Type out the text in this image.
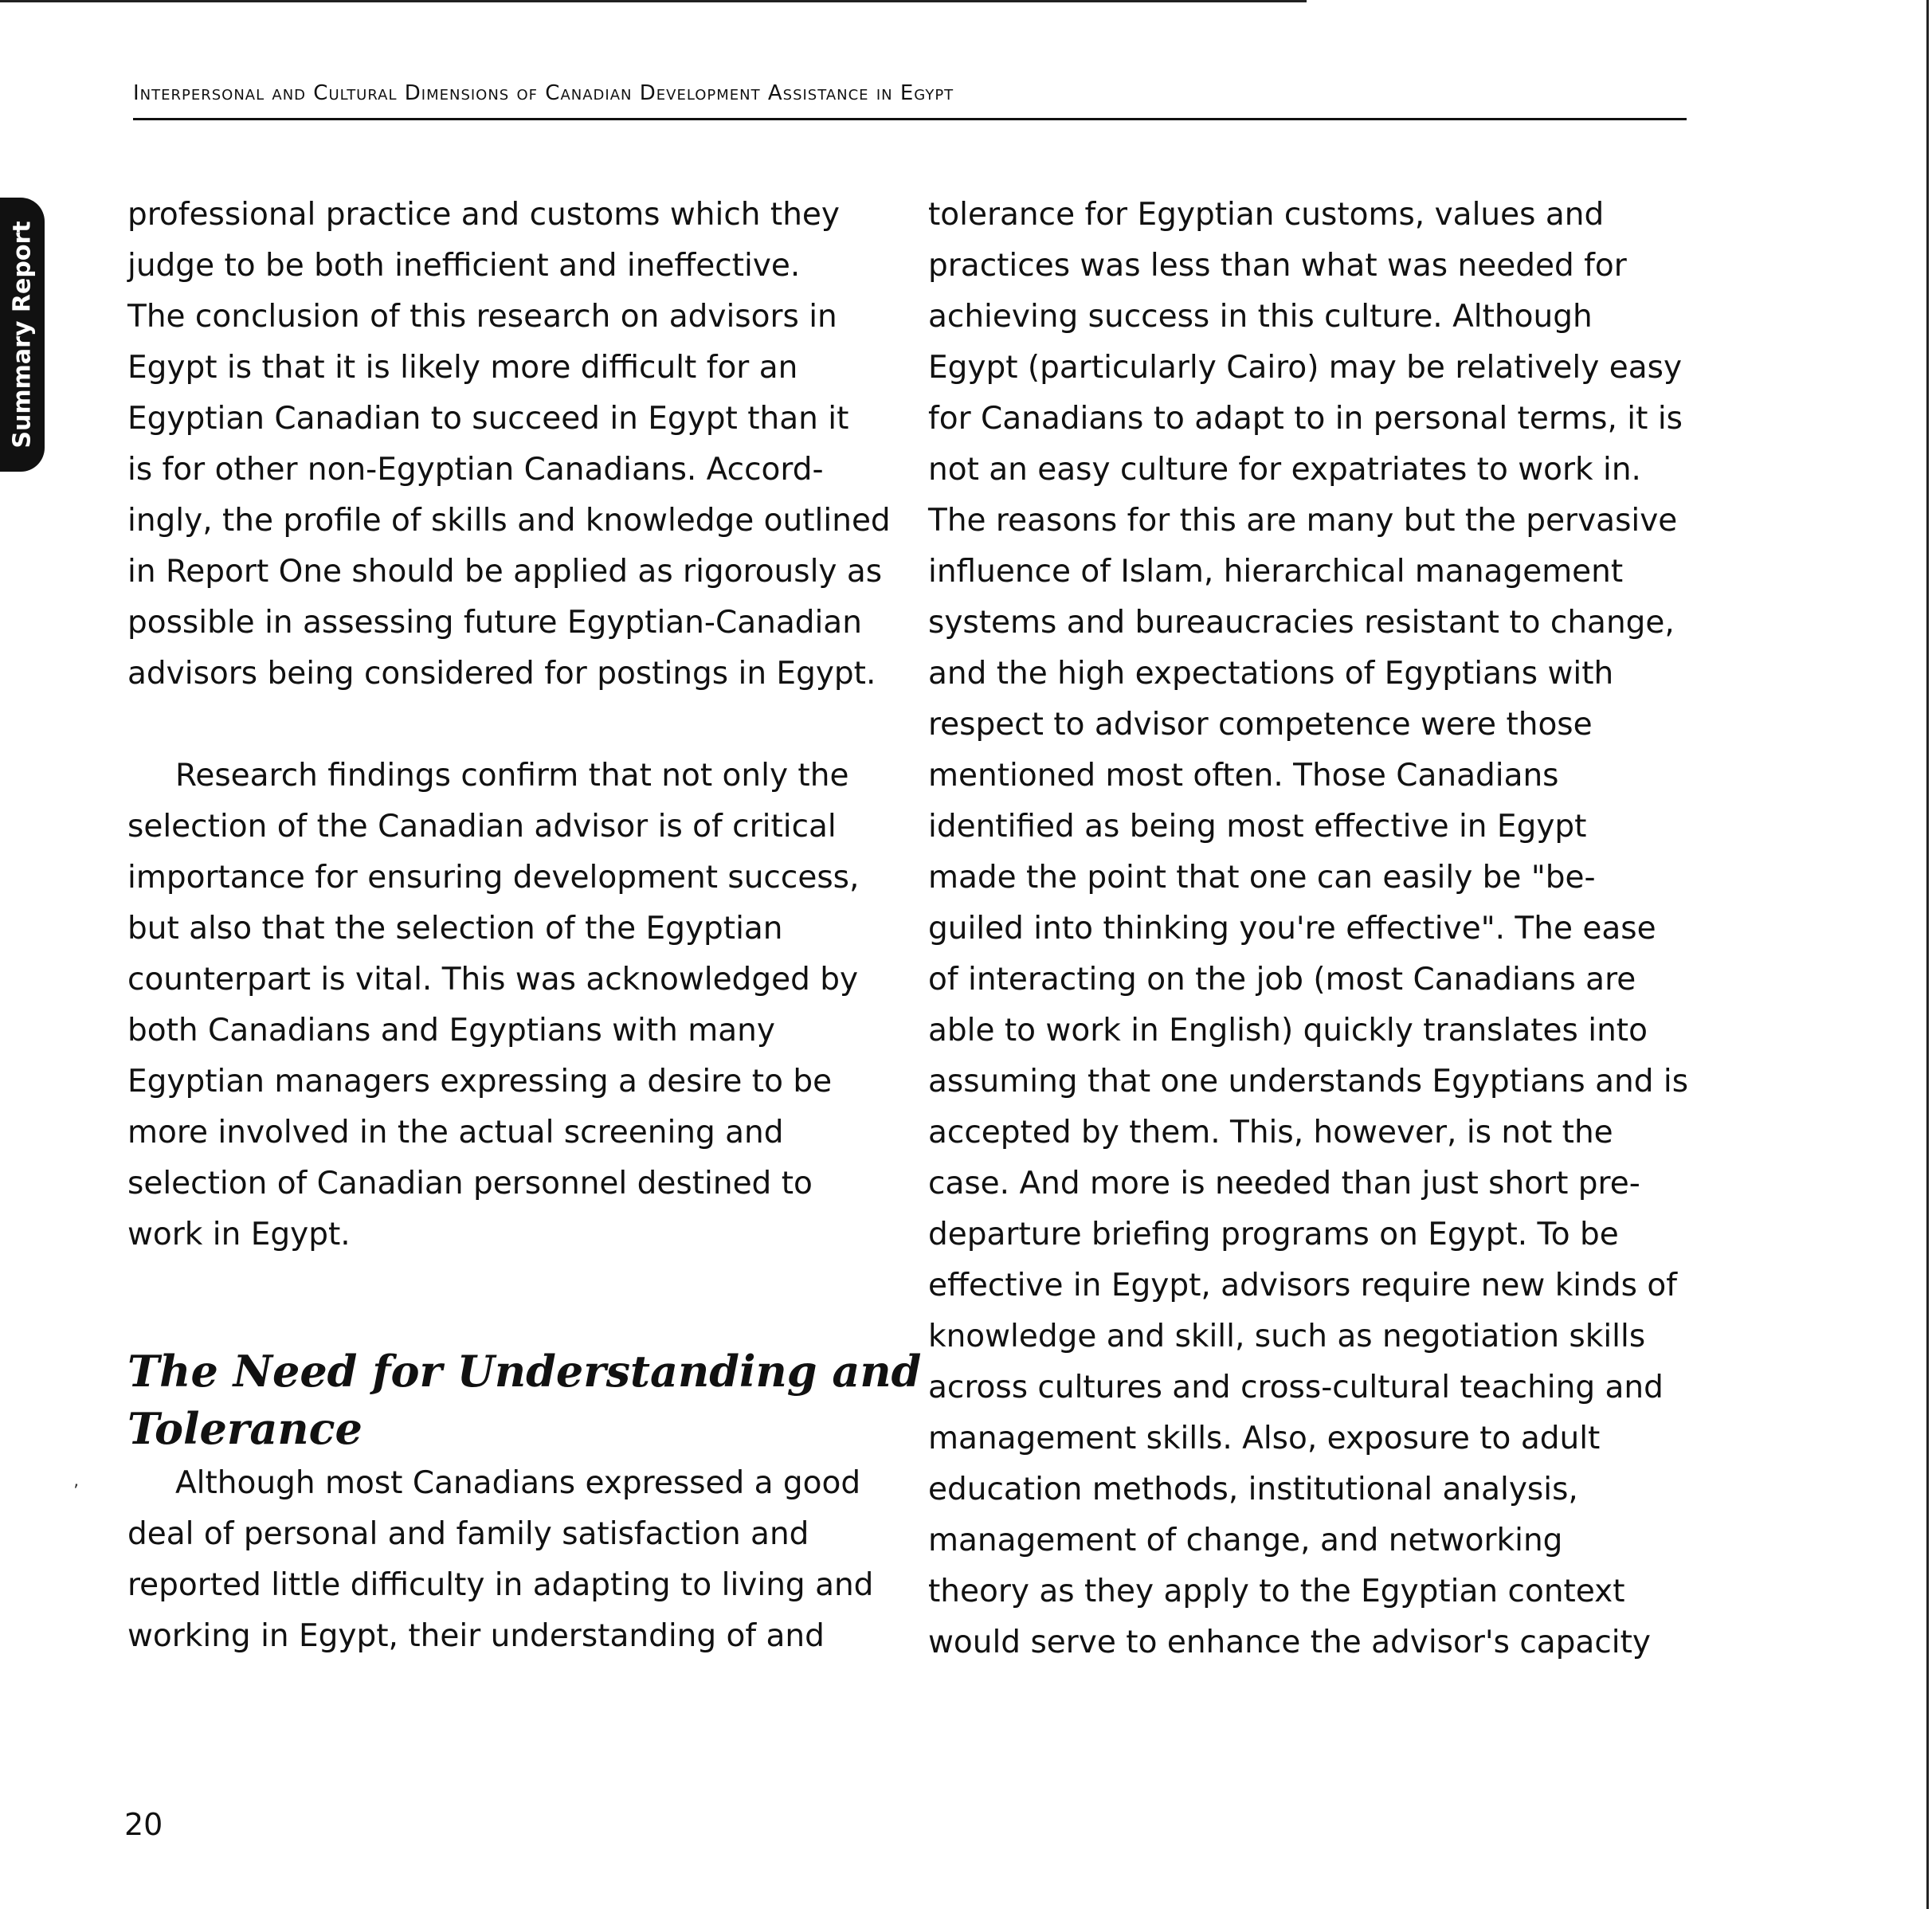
Interpersonal and Cultural Dimensions of Canadian Development Assistance in Egypt
Summary Report
professional practice and customs which they
judge to be both inefficient and ineffective.
The conclusion of this research on advisors in
Egypt is that it is likely more difficult for an
Egyptian Canadian to succeed in Egypt than it
is for other non-Egyptian Canadians. Accord-
ingly, the profile of skills and knowledge outlined
in Report One should be applied as rigorously as
possible in assessing future Egyptian-Canadian
advisors being considered for postings in Egypt.
Research findings confirm that not only the
selection of the Canadian advisor is of critical
importance for ensuring development success,
but also that the selection of the Egyptian
counterpart is vital. This was acknowledged by
both Canadians and Egyptians with many
Egyptian managers expressing a desire to be
more involved in the actual screening and
selection of Canadian personnel destined to
work in Egypt.
The Need for Understanding and
Tolerance
’	Although most Canadians expressed a good
deal of personal and family satisfaction and
reported little difficulty in adapting to living and
working in Egypt, their understanding of and
tolerance for Egyptian customs, values and
practices was less than what was needed for
achieving success in this culture. Although
Egypt (particularly Cairo) may be relatively easy
for Canadians to adapt to in personal terms, it is
not an easy culture for expatriates to work in.
The reasons for this are many but the pervasive
influence of Islam, hierarchical management
systems and bureaucracies resistant to change,
and the high expectations of Egyptians with
respect to advisor competence were those
mentioned most often. Those Canadians
identified as being most effective in Egypt
made the point that one can easily be "be-
guiled into thinking you're effective". The ease
of interacting on the job (most Canadians are
able to work in English) quickly translates into
assuming that one understands Egyptians and is
accepted by them. This, however, is not the
case. And more is needed than just short pre-
departure briefing programs on Egypt. To be
effective in Egypt, advisors require new kinds of
knowledge and skill, such as negotiation skills
across cultures and cross-cultural teaching and
management skills. Also, exposure to adult
education methods, institutional analysis,
management of change, and networking
theory as they apply to the Egyptian context
would serve to enhance the advisor's capacity
20
